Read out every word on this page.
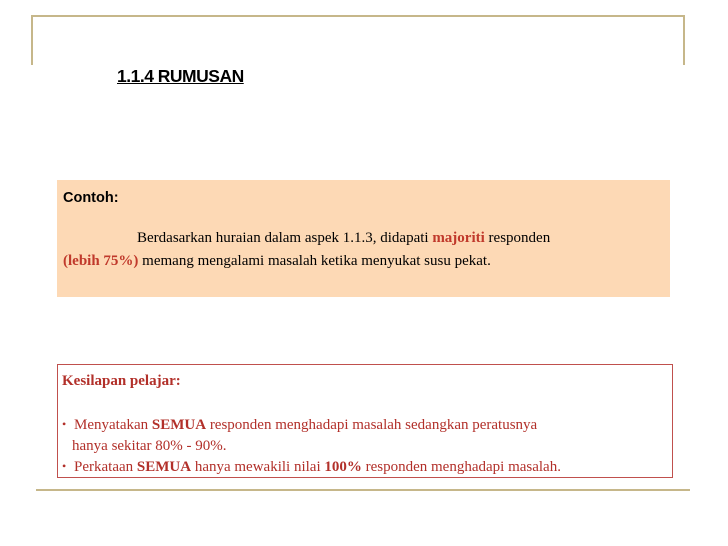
1.1.4 RUMUSAN
Contoh:
Berdasarkan huraian dalam aspek 1.1.3, didapati majoriti responden
(lebih 75%) memang mengalami masalah ketika menyukat susu pekat.
Kesilapan pelajar:
• Menyatakan SEMUA responden menghadapi masalah sedangkan peratusnya
hanya sekitar 80% - 90%.
• Perkataan SEMUA hanya mewakili nilai 100% responden menghadapi masalah.
